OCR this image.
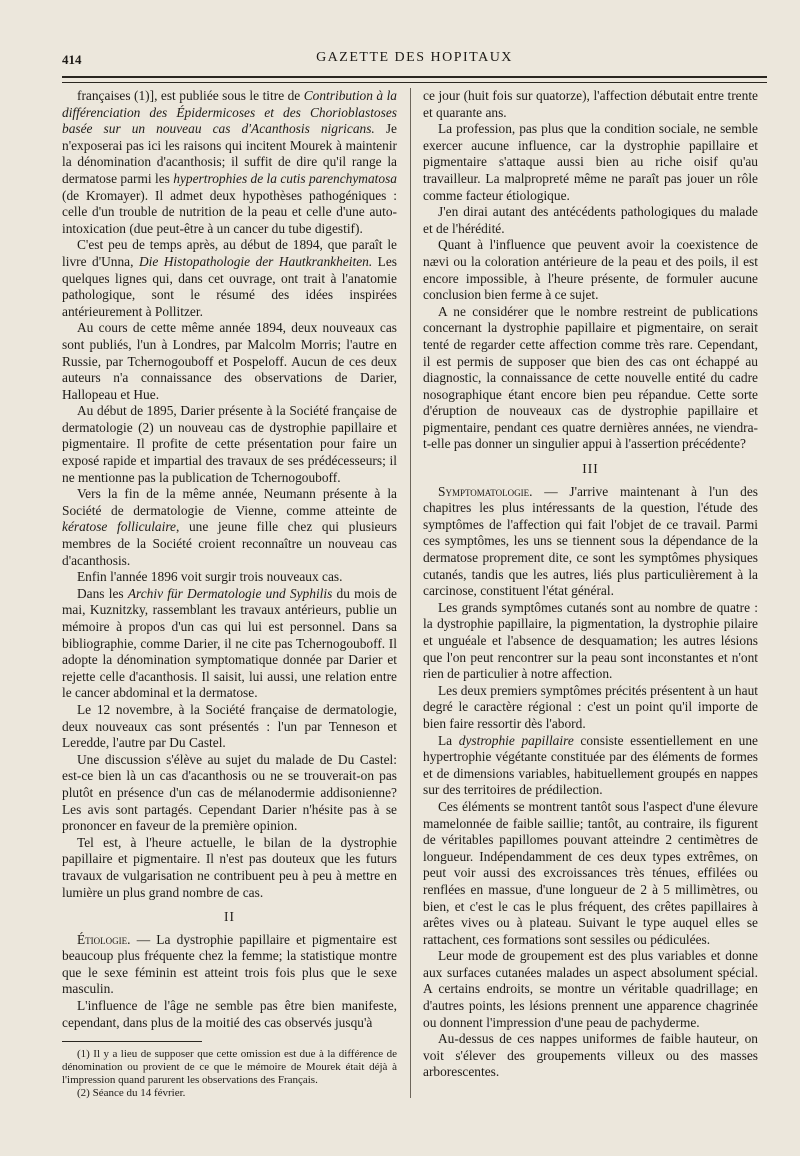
414	GAZETTE DES HOPITAUX

françaises (1)], est publiée sous le titre de Contribution à la différenciation des Épidermicoses et des Chorioblastoses basée sur un nouveau cas d'Acanthosis nigricans. Je n'exposerai pas ici les raisons qui incitent Mourek à maintenir la dénomination d'acanthosis; il suffit de dire qu'il range la dermatose parmi les hypertrophies de la cutis parenchymatosa (de Kromayer). Il admet deux hypothèses pathogéniques : celle d'un trouble de nutrition de la peau et celle d'une auto-intoxication (due peut-être à un cancer du tube digestif).

C'est peu de temps après, au début de 1894, que paraît le livre d'Unna, Die Histopathologie der Hautkrankheiten. Les quelques lignes qui, dans cet ouvrage, ont trait à l'anatomie pathologique, sont le résumé des idées inspirées antérieurement à Pollitzer.

Au cours de cette même année 1894, deux nouveaux cas sont publiés, l'un à Londres, par Malcolm Morris; l'autre en Russie, par Tchernogouboff et Pospeloff. Aucun de ces deux auteurs n'a connaissance des observations de Darier, Hallopeau et Hue.

Au début de 1895, Darier présente à la Société française de dermatologie (2) un nouveau cas de dystrophie papillaire et pigmentaire. Il profite de cette présentation pour faire un exposé rapide et impartial des travaux de ses prédécesseurs; il ne mentionne pas la publication de Tchernogouboff.

Vers la fin de la même année, Neumann présente à la Société de dermatologie de Vienne, comme atteinte de kératose folliculaire, une jeune fille chez qui plusieurs membres de la Société croient reconnaître un nouveau cas d'acanthosis.

Enfin l'année 1896 voit surgir trois nouveaux cas.

Dans les Archiv für Dermatologie und Syphilis du mois de mai, Kuznitzky, rassemblant les travaux antérieurs, publie un mémoire à propos d'un cas qui lui est personnel. Dans sa bibliographie, comme Darier, il ne cite pas Tchernogouboff. Il adopte la dénomination symptomatique donnée par Darier et rejette celle d'acanthosis. Il saisit, lui aussi, une relation entre le cancer abdominal et la dermatose.

Le 12 novembre, à la Société française de dermatologie, deux nouveaux cas sont présentés : l'un par Tenneson et Leredde, l'autre par Du Castel.

Une discussion s'élève au sujet du malade de Du Castel: est-ce bien là un cas d'acanthosis ou ne se trouverait-on pas plutôt en présence d'un cas de mélanodermie addisonienne? Les avis sont partagés. Cependant Darier n'hésite pas à se prononcer en faveur de la première opinion.

Tel est, à l'heure actuelle, le bilan de la dystrophie papillaire et pigmentaire. Il n'est pas douteux que les futurs travaux de vulgarisation ne contribuent peu à peu à mettre en lumière un plus grand nombre de cas.

II

Étiologie. — La dystrophie papillaire et pigmentaire est beaucoup plus fréquente chez la femme; la statistique montre que le sexe féminin est atteint trois fois plus que le sexe masculin.

L'influence de l'âge ne semble pas être bien manifeste, cependant, dans plus de la moitié des cas observés jusqu'à

(1) Il y a lieu de supposer que cette omission est due à la différence de dénomination ou provient de ce que le mémoire de Mourek était déjà à l'impression quand parurent les observations des Français.

(2) Séance du 14 février.

ce jour (huit fois sur quatorze), l'affection débutait entre trente et quarante ans.

La profession, pas plus que la condition sociale, ne semble exercer aucune influence, car la dystrophie papillaire et pigmentaire s'attaque aussi bien au riche oisif qu'au travailleur. La malpropreté même ne paraît pas jouer un rôle comme facteur étiologique.

J'en dirai autant des antécédents pathologiques du malade et de l'hérédité.

Quant à l'influence que peuvent avoir la coexistence de nævi ou la coloration antérieure de la peau et des poils, il est encore impossible, à l'heure présente, de formuler aucune conclusion bien ferme à ce sujet.

A ne considérer que le nombre restreint de publications concernant la dystrophie papillaire et pigmentaire, on serait tenté de regarder cette affection comme très rare. Cependant, il est permis de supposer que bien des cas ont échappé au diagnostic, la connaissance de cette nouvelle entité du cadre nosographique étant encore bien peu répandue. Cette sorte d'éruption de nouveaux cas de dystrophie papillaire et pigmentaire, pendant ces quatre dernières années, ne viendra-t-elle pas donner un singulier appui à l'assertion précédente?

III

Symptomatologie. — J'arrive maintenant à l'un des chapitres les plus intéressants de la question, l'étude des symptômes de l'affection qui fait l'objet de ce travail. Parmi ces symptômes, les uns se tiennent sous la dépendance de la dermatose proprement dite, ce sont les symptômes physiques cutanés, tandis que les autres, liés plus particulièrement à la carcinose, constituent l'état général.

Les grands symptômes cutanés sont au nombre de quatre : la dystrophie papillaire, la pigmentation, la dystrophie pilaire et unguéale et l'absence de desquamation; les autres lésions que l'on peut rencontrer sur la peau sont inconstantes et n'ont rien de particulier à notre affection.

Les deux premiers symptômes précités présentent à un haut degré le caractère régional : c'est un point qu'il importe de bien faire ressortir dès l'abord.

La dystrophie papillaire consiste essentiellement en une hypertrophie végétante constituée par des éléments de formes et de dimensions variables, habituellement groupés en nappes sur des territoires de prédilection.

Ces éléments se montrent tantôt sous l'aspect d'une élevure mamelonnée de faible saillie; tantôt, au contraire, ils figurent de véritables papillomes pouvant atteindre 2 centimètres de longueur. Indépendamment de ces deux types extrêmes, on peut voir aussi des excroissances très ténues, effilées ou renflées en massue, d'une longueur de 2 à 5 millimètres, ou bien, et c'est le cas le plus fréquent, des crêtes papillaires à arêtes vives ou à plateau. Suivant le type auquel elles se rattachent, ces formations sont sessiles ou pédiculées.

Leur mode de groupement est des plus variables et donne aux surfaces cutanées malades un aspect absolument spécial. A certains endroits, se montre un véritable quadrillage; en d'autres points, les lésions prennent une apparence chagrinée ou donnent l'impression d'une peau de pachyderme.

Au-dessus de ces nappes uniformes de faible hauteur, on voit s'élever des groupements villeux ou des masses arborescentes.
